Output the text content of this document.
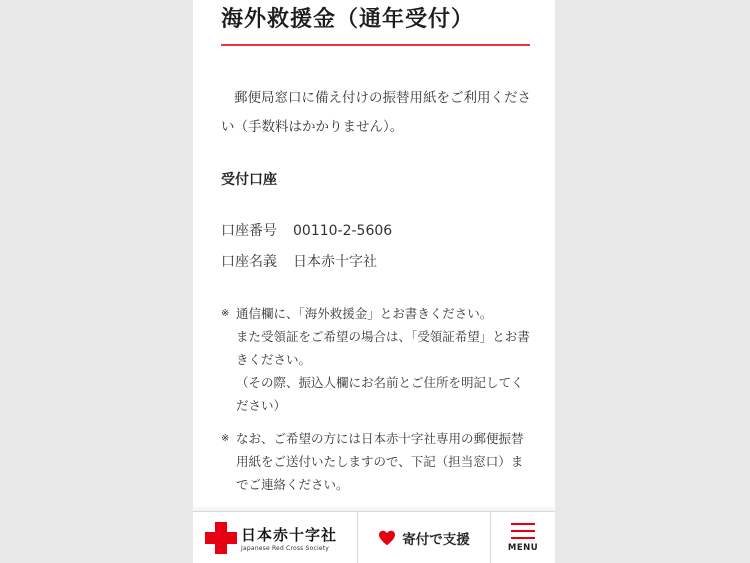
海外救援金（通年受付）

郵便局窓口に備え付けの振替用紙をご利用ください（手数料はかかりません）。

受付口座
口座番号	00110-2-5606
口座名義	日本赤十字社
※ 通信欄に、「海外救援金」とお書きください。

また受領証をご希望の場合は、「受領証希望」とお書きください。

（その際、振込人欄にお名前とご住所を明記してください）

※ なお、ご希望の方には日本赤十字社専用の郵便振替用紙をご送付いたしますので、下記（担当窓口）までご連絡ください。

日本赤十字社
Japanese Red Cross Society
寄付で支援	MENU
